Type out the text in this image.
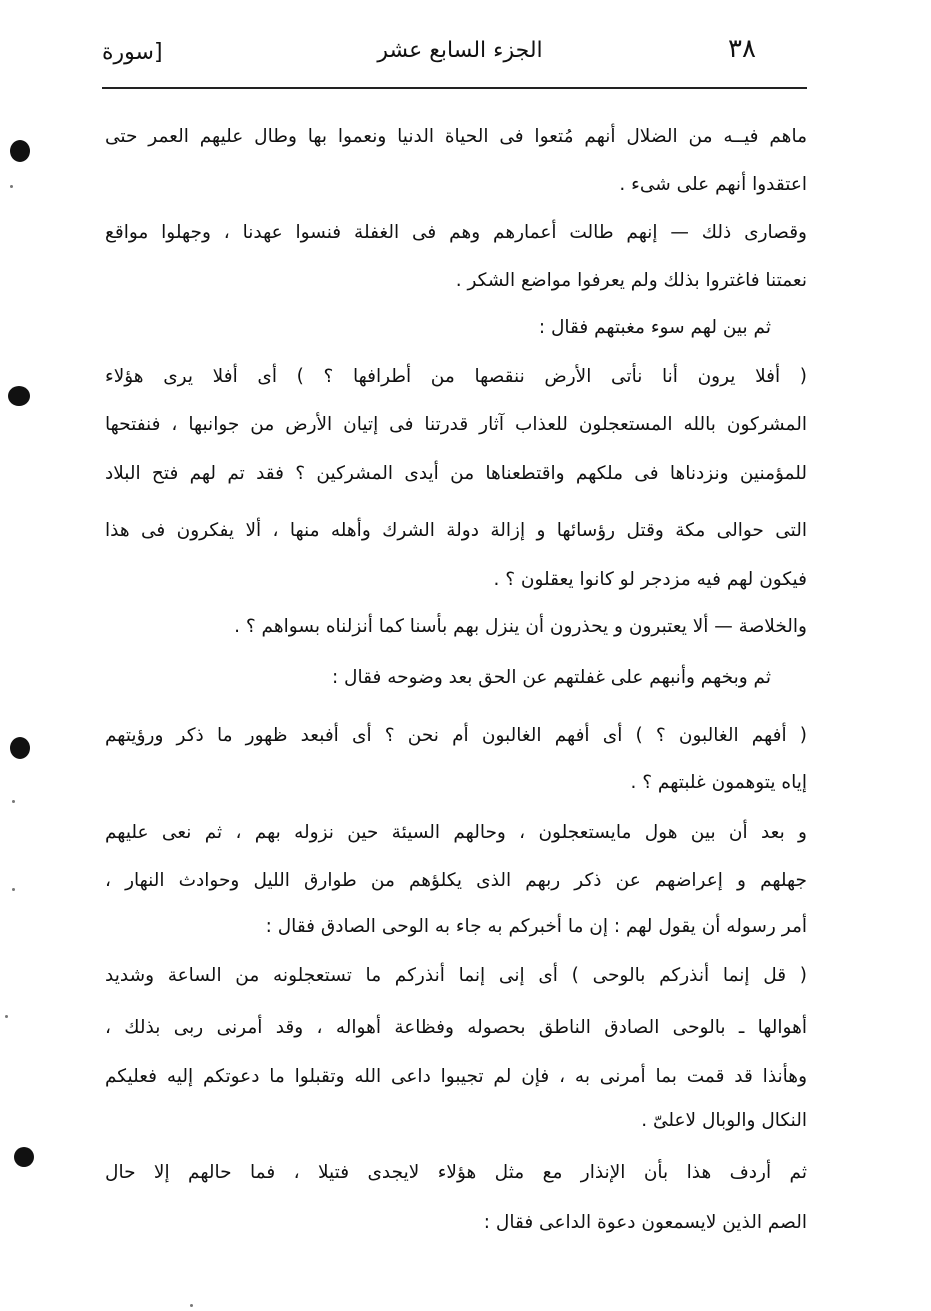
٣٨
الجزء السابع عشر
[سورة
ماهم فيــه من الضلال أنهم مُتعوا فى الحياة الدنيا ونعموا بها وطال عليهم العمر حتى
اعتقدوا أنهم على شىء .
وقصارى ذلك — إنهم طالت أعمارهم وهم فى الغفلة فنسوا عهدنا ، وجهلوا مواقع
نعمتنا فاغتروا بذلك ولم يعرفوا مواضع الشكر .
ثم بين لهم سوء مغبتهم فقال :
( أفلا يرون أنا نأتى الأرض ننقصها من أطرافها ؟ ) أى أفلا يرى هؤلاء
المشركون بالله المستعجلون للعذاب آثار قدرتنا فى إتيان الأرض من جوانبها ، فنفتحها
للمؤمنين ونزدناها فى ملكهم واقتطعناها من أيدى المشركين ؟ فقد تم لهم فتح البلاد
التى حوالى مكة وقتل رؤسائها و إزالة دولة الشرك وأهله منها ، ألا يفكرون فى هذا
فيكون لهم فيه مزدجر لو كانوا يعقلون ؟ .
والخلاصة — ألا يعتبرون و يحذرون أن ينزل بهم بأسنا كما أنزلناه بسواهم ؟ .
ثم وبخهم وأنبهم على غفلتهم عن الحق بعد وضوحه فقال :
( أفهم الغالبون ؟ ) أى أفهم الغالبون أم نحن ؟ أى أفبعد ظهور ما ذكر ورؤيتهم
إياه يتوهمون غلبتهم ؟ .
و بعد أن بين هول مايستعجلون ، وحالهم السيئة حين نزوله بهم ، ثم نعى عليهم
جهلهم و إعراضهم عن ذكر ربهم الذى يكلؤهم من طوارق الليل وحوادث النهار ،
أمر رسوله أن يقول لهم : إن ما أخبركم به جاء به الوحى الصادق فقال :
( قل إنما أنذركم بالوحى ) أى إنى إنما أنذركم ما تستعجلونه من الساعة وشديد
أهوالها ـ بالوحى الصادق الناطق بحصوله وفظاعة أهواله ، وقد أمرنى ربى بذلك ،
وهأنذا قد قمت بما أمرنى به ، فإن لم تجيبوا داعى الله وتقبلوا ما دعوتكم إليه فعليكم
النكال والوبال لاعلىّ .
ثم أردف هذا بأن الإنذار مع مثل هؤلاء لايجدى فتيلا ، فما حالهم إلا حال
الصم الذين لايسمعون دعوة الداعى فقال :
